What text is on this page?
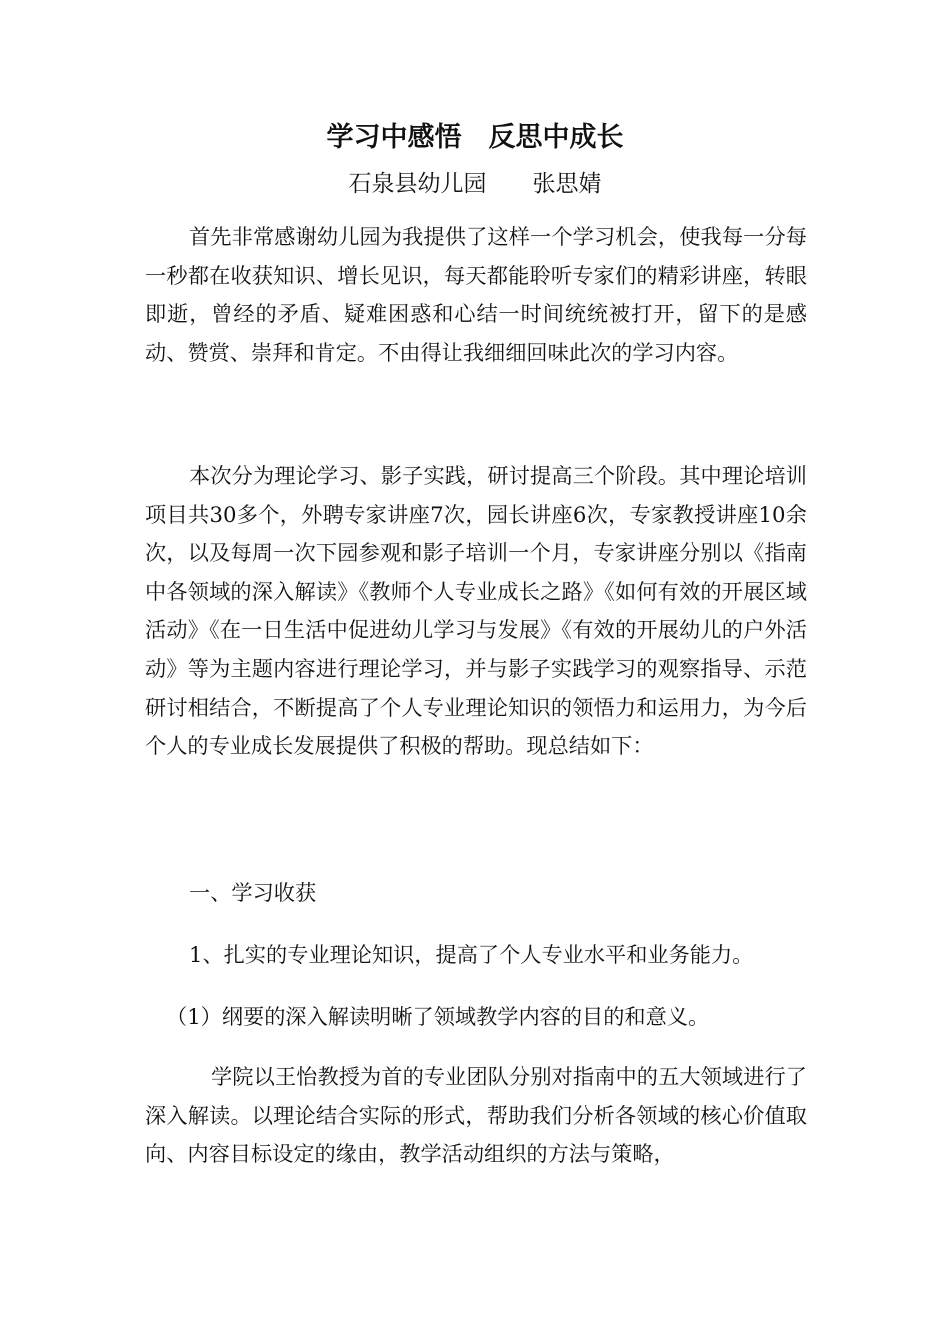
学习中感悟　反思中成长
石泉县幼儿园　　张思婧

首先非常感谢幼儿园为我提供了这样一个学习机会，使我每一分每一秒都在收获知识、增长见识，每天都能聆听专家们的精彩讲座，转眼即逝，曾经的矛盾、疑难困惑和心结一时间统统被打开，留下的是感动、赞赏、崇拜和肯定。不由得让我细细回味此次的学习内容。

本次分为理论学习、影子实践，研讨提高三个阶段。其中理论培训项目共30多个，外聘专家讲座7次，园长讲座6次，专家教授讲座10余次，以及每周一次下园参观和影子培训一个月，专家讲座分别以《指南中各领域的深入解读》《教师个人专业成长之路》《如何有效的开展区域活动》《在一日生活中促进幼儿学习与发展》《有效的开展幼儿的户外活动》等为主题内容进行理论学习，并与影子实践学习的观察指导、示范研讨相结合，不断提高了个人专业理论知识的领悟力和运用力，为今后个人的专业成长发展提供了积极的帮助。现总结如下：

一、学习收获
1、扎实的专业理论知识，提高了个人专业水平和业务能力。
（1）纲要的深入解读明晰了领域教学内容的目的和意义。

学院以王怡教授为首的专业团队分别对指南中的五大领域进行了深入解读。以理论结合实际的形式，帮助我们分析各领域的核心价值取向、内容目标设定的缘由，教学活动组织的方法与策略，
